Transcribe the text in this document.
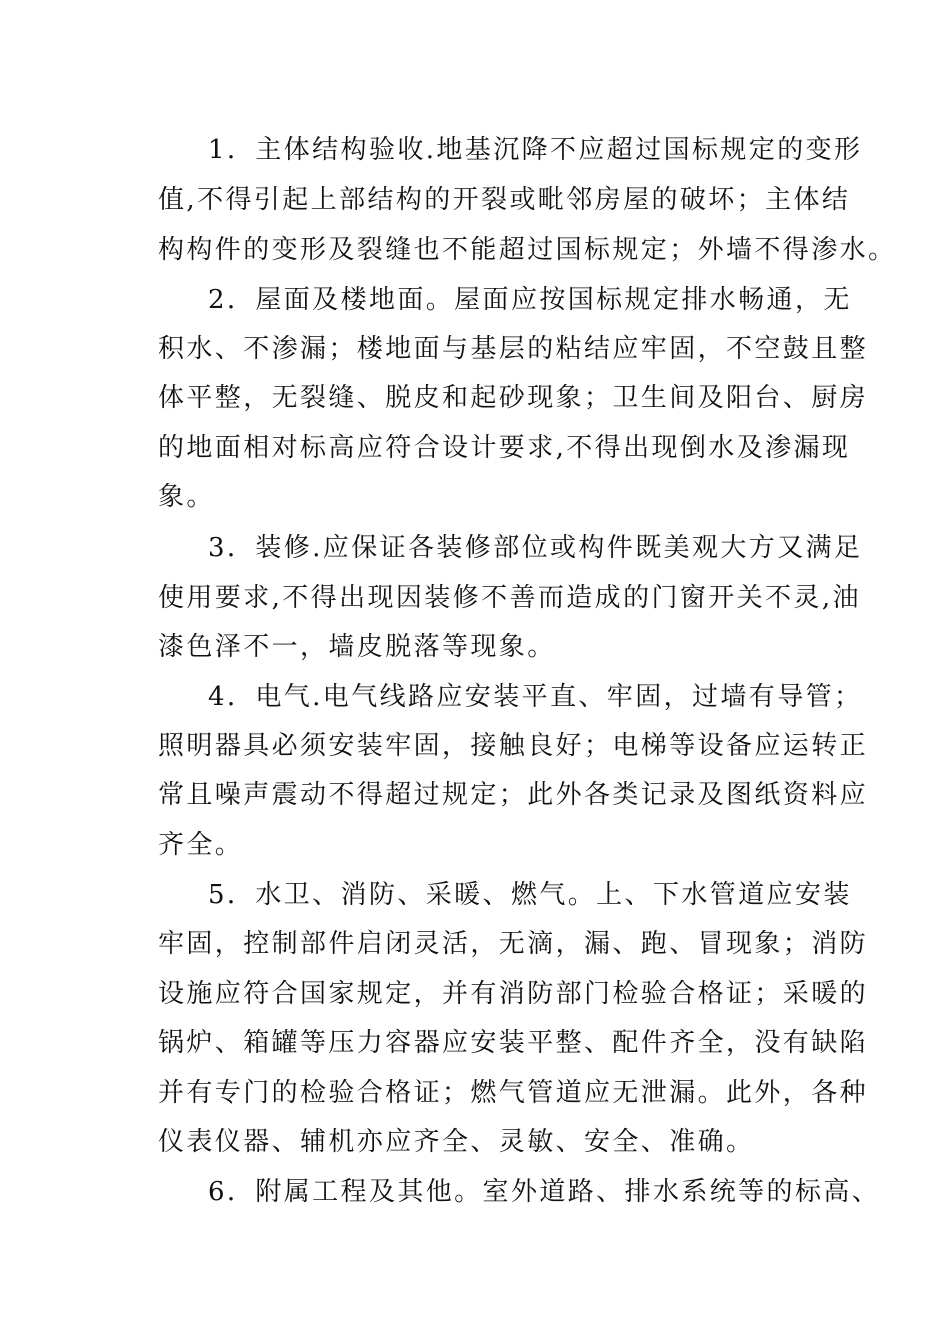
1．主体结构验收.地基沉降不应超过国标规定的变形
值,不得引起上部结构的开裂或毗邻房屋的破坏；主体结
构构件的变形及裂缝也不能超过国标规定；外墙不得渗水。
2．屋面及楼地面。屋面应按国标规定排水畅通，无
积水、不渗漏；楼地面与基层的粘结应牢固，不空鼓且整
体平整，无裂缝、脱皮和起砂现象；卫生间及阳台、厨房
的地面相对标高应符合设计要求,不得出现倒水及渗漏现
象。
3．装修.应保证各装修部位或构件既美观大方又满足
使用要求,不得出现因装修不善而造成的门窗开关不灵,油
漆色泽不一，墙皮脱落等现象。
4．电气.电气线路应安装平直、牢固，过墙有导管；
照明器具必须安装牢固，接触良好；电梯等设备应运转正
常且噪声震动不得超过规定；此外各类记录及图纸资料应
齐全。
5．水卫、消防、采暖、燃气。上、下水管道应安装
牢固，控制部件启闭灵活，无滴，漏、跑、冒现象；消防
设施应符合国家规定，并有消防部门检验合格证；采暖的
锅炉、箱罐等压力容器应安装平整、配件齐全，没有缺陷
并有专门的检验合格证；燃气管道应无泄漏。此外，各种
仪表仪器、辅机亦应齐全、灵敏、安全、准确。
6．附属工程及其他。室外道路、排水系统等的标高、
